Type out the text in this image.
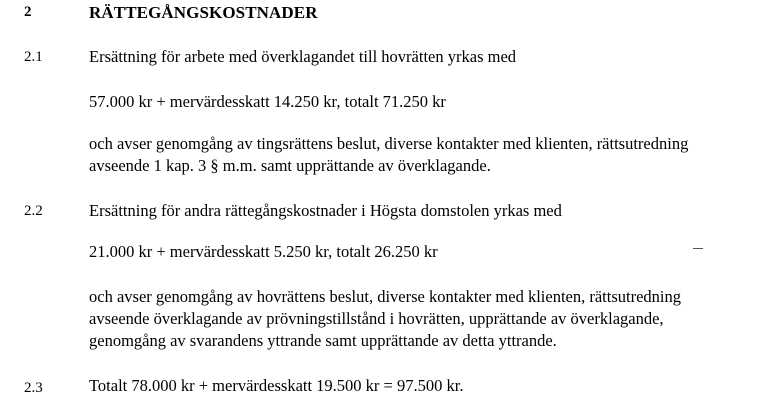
2	RÄTTEGÅNGSKOSTNADER
2.1	Ersättning för arbete med överklagandet till hovrätten yrkas med
57.000 kr + mervärdesskatt 14.250 kr, totalt 71.250 kr
och avser genomgång av tingsrättens beslut, diverse kontakter med klienten, rättsutredning
avseende 1 kap. 3 § m.m. samt upprättande av överklagande.
2.2	Ersättning för andra rättegångskostnader i Högsta domstolen yrkas med
21.000 kr + mervärdesskatt 5.250 kr, totalt 26.250 kr
och avser genomgång av hovrättens beslut, diverse kontakter med klienten, rättsutredning
avseende överklagande av prövningstillstånd i hovrätten, upprättande av överklagande,
genomgång av svarandens yttrande samt upprättande av detta yttrande.
2.3	Totalt 78.000 kr + mervärdesskatt 19.500 kr = 97.500 kr.
